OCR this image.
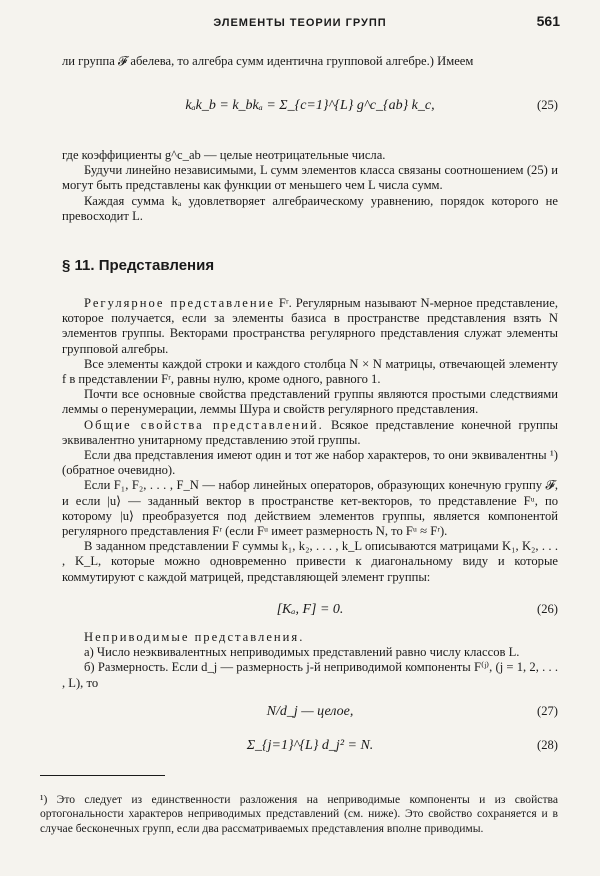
ЭЛЕМЕНТЫ ТЕОРИИ ГРУПП	561

ли группа 𝓕 абелева, то алгебра сумм идентична групповой алгебре.) Имеем

kₐk_b = k_bkₐ = Σ_{c=1}^{L} g^c_{ab} k_c,	(25)

где коэффициенты g^c_ab — целые неотрицательные числа.

Будучи линейно независимыми, L сумм элементов класса связаны соотношением (25) и могут быть представлены как функции от меньшего чем L числа сумм.

Каждая сумма kₐ удовлетворяет алгебраическому уравнению, порядок которого не превосходит L.

§ 11. Представления

Регулярное представление Fʳ. Регулярным называют N-мерное представление, которое получается, если за элементы базиса в пространстве представления взять N элементов группы. Векторами пространства регулярного представления служат элементы групповой алгебры.

Все элементы каждой строки и каждого столбца N × N матрицы, отвечающей элементу f в представлении Fʳ, равны нулю, кроме одного, равного 1.

Почти все основные свойства представлений группы являются простыми следствиями леммы о перенумерации, леммы Шура и свойств регулярного представления.

Общие свойства представлений. Всякое представление конечной группы эквивалентно унитарному представлению этой группы.

Если два представления имеют один и тот же набор характеров, то они эквивалентны ¹) (обратное очевидно).

Если F₁, F₂, . . . , F_N — набор линейных операторов, образующих конечную группу 𝓕, и если |u⟩ — заданный вектор в пространстве кет-векторов, то представление Fᵘ, по которому |u⟩ преобразуется под действием элементов группы, является компонентой регулярного представления Fʳ (если Fᵘ имеет размерность N, то Fᵘ ≈ Fʳ).

В заданном представлении F суммы k₁, k₂, . . . , k_L описываются матрицами K₁, K₂, . . . , K_L, которые можно одновременно привести к диагональному виду и которые коммутируют с каждой матрицей, представляющей элемент группы:

[Kₐ, F] = 0.	(26)

Неприводимые представления.

а) Число неэквивалентных неприводимых представлений равно числу классов L.

б) Размерность. Если d_j — размерность j-й неприводимой компоненты F⁽ʲ⁾, (j = 1, 2, . . . , L), то

N/d_j — целое,	(27)
Σ_{j=1}^{L} d_j² = N.	(28)
¹) Это следует из единственности разложения на неприводимые компоненты и из свойства ортогональности характеров неприводимых представлений (см. ниже). Это свойство сохраняется и в случае бесконечных групп, если два рассматриваемых представления вполне приводимы.
